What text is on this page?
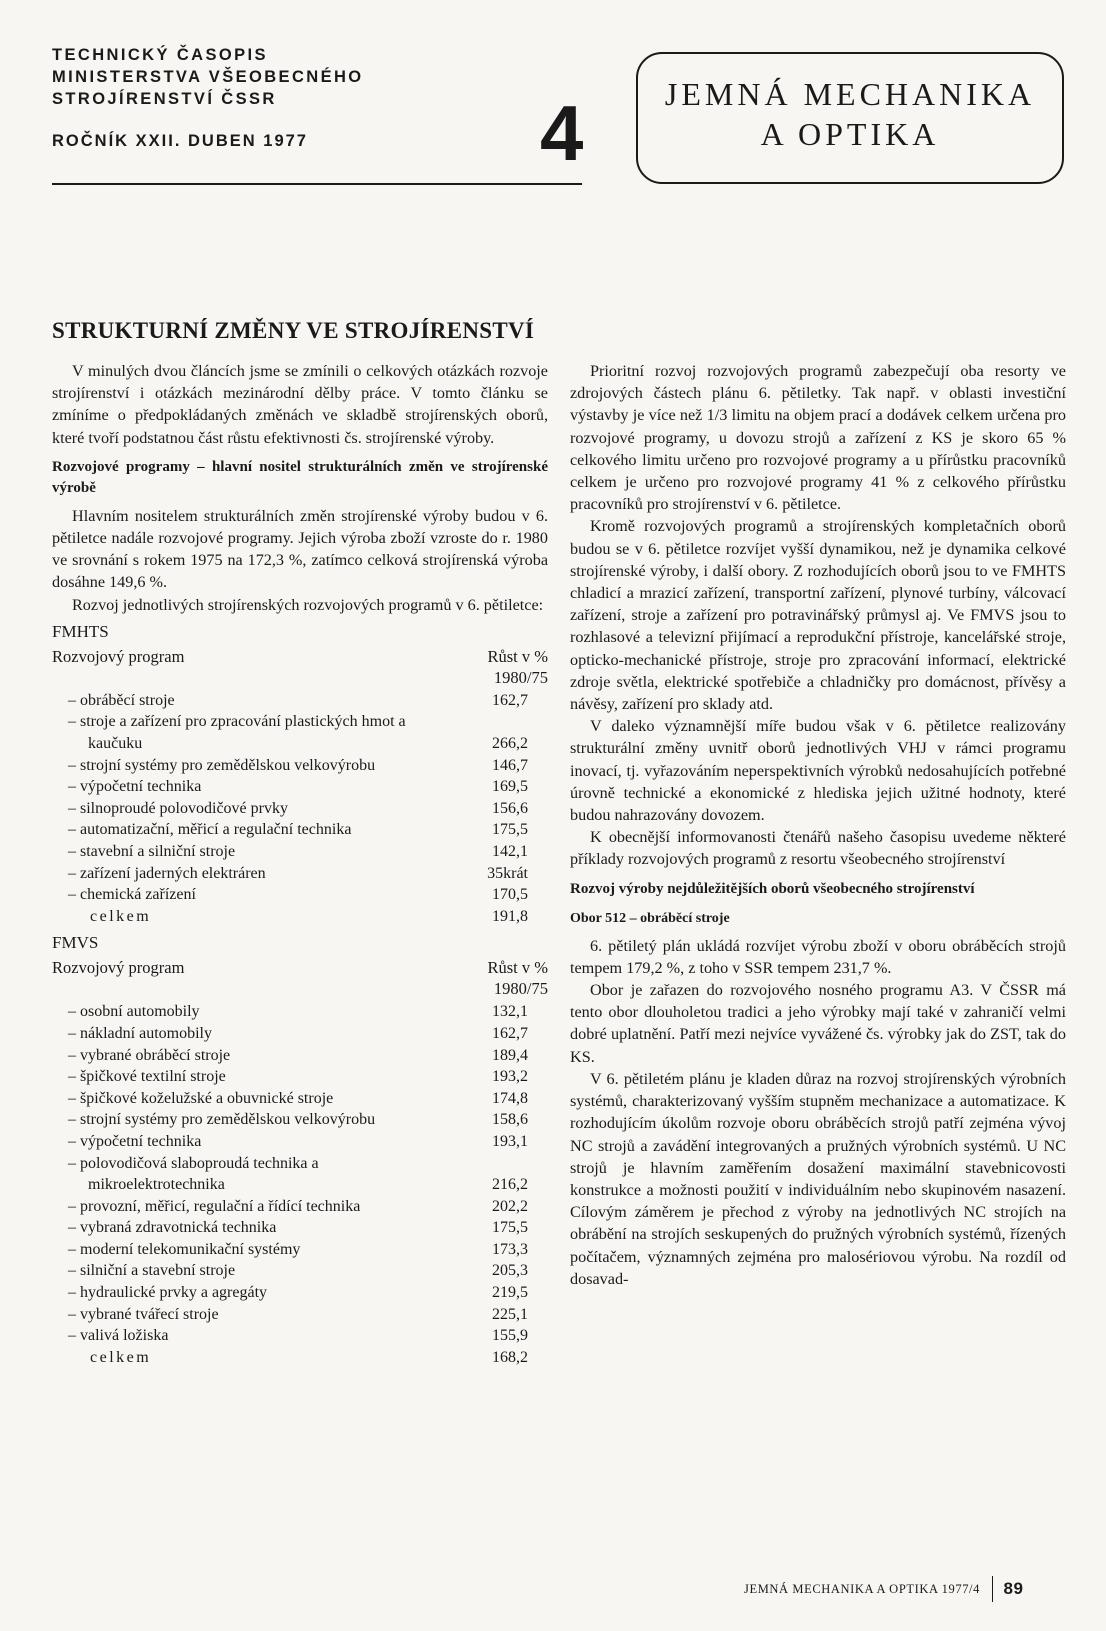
TECHNICKÝ ČASOPIS
MINISTERSTVA VŠEOBECNÉHO
STROJÍRENSTVÍ ČSSR
ROČNÍK XXII. DUBEN 1977	4	JEMNÁ MECHANIKA
A OPTIKA
STRUKTURNÍ ZMĚNY VE STROJÍRENSTVÍ

V minulých dvou článcích jsme se zmínili o celkových otázkách rozvoje strojírenství i otázkách mezinárodní dělby práce. V tomto článku se zmíníme o předpokládaných změnách ve skladbě strojírenských oborů, které tvoří podstatnou část růstu efektivnosti čs. strojírenské výroby.

Rozvojové programy – hlavní nositel strukturálních změn ve strojírenské výrobě

Hlavním nositelem strukturálních změn strojírenské výroby budou v 6. pětiletce nadále rozvojové programy. Jejich výroba zboží vzroste do r. 1980 ve srovnání s rokem 1975 na 172,3 %, zatímco celková strojírenská výroba dosáhne 149,6 %.

Rozvoj jednotlivých strojírenských rozvojových programů v 6. pětiletce:

FMHTS
Rozvojový program	Růst v %
1980/75
– obráběcí stroje	162,7
– stroje a zařízení pro zpracování plastických hmot a kaučuku	266,2
– strojní systémy pro zemědělskou velkovýrobu	146,7
– výpočetní technika	169,5
– silnoproudé polovodičové prvky	156,6
– automatizační, měřicí a regulační technika	175,5
– stavební a silniční stroje	142,1
– zařízení jaderných elektráren	35krát
– chemická zařízení	170,5
celkem	191,8
FMVS
Rozvojový program	Růst v %
1980/75
– osobní automobily	132,1
– nákladní automobily	162,7
– vybrané obráběcí stroje	189,4
– špičkové textilní stroje	193,2
– špičkové koželužské a obuvnické stroje	174,8
– strojní systémy pro zemědělskou velkovýrobu	158,6
– výpočetní technika	193,1
– polovodičová slaboproudá technika a mikroelektrotechnika	216,2
– provozní, měřicí, regulační a řídící technika	202,2
– vybraná zdravotnická technika	175,5
– moderní telekomunikační systémy	173,3
– silniční a stavební stroje	205,3
– hydraulické prvky a agregáty	219,5
– vybrané tvářecí stroje	225,1
– valivá ložiska	155,9
celkem	168,2

Prioritní rozvoj rozvojových programů zabezpečují oba resorty ve zdrojových částech plánu 6. pětiletky. Tak např. v oblasti investiční výstavby je více než 1/3 limitu na objem prací a dodávek celkem určena pro rozvojové programy, u dovozu strojů a zařízení z KS je skoro 65 % celkového limitu určeno pro rozvojové programy a u přírůstku pracovníků celkem je určeno pro rozvojové programy 41 % z celkového přírůstku pracovníků pro strojírenství v 6. pětiletce.

Kromě rozvojových programů a strojírenských kompletačních oborů budou se v 6. pětiletce rozvíjet vyšší dynamikou, než je dynamika celkové strojírenské výroby, i další obory. Z rozhodujících oborů jsou to ve FMHTS chladicí a mrazicí zařízení, transportní zařízení, plynové turbíny, válcovací zařízení, stroje a zařízení pro potravinářský průmysl aj. Ve FMVS jsou to rozhlasové a televizní přijímací a reprodukční přístroje, kancelářské stroje, opticko-mechanické přístroje, stroje pro zpracování informací, elektrické zdroje světla, elektrické spotřebiče a chladničky pro domácnost, přívěsy a návěsy, zařízení pro sklady atd.

V daleko významnější míře budou však v 6. pětiletce realizovány strukturální změny uvnitř oborů jednotlivých VHJ v rámci programu inovací, tj. vyřazováním neperspektivních výrobků nedosahujících potřebné úrovně technické a ekonomické z hlediska jejich užitné hodnoty, které budou nahrazovány dovozem.

K obecnější informovanosti čtenářů našeho časopisu uvedeme některé příklady rozvojových programů z resortu všeobecného strojírenství

Rozvoj výroby nejdůležitějších oborů všeobecného strojírenství
Obor 512 – obráběcí stroje

6. pětiletý plán ukládá rozvíjet výrobu zboží v oboru obráběcích strojů tempem 179,2 %, z toho v SSR tempem 231,7 %.

Obor je zařazen do rozvojového nosného programu A3. V ČSSR má tento obor dlouholetou tradici a jeho výrobky mají také v zahraničí velmi dobré uplatnění. Patří mezi nejvíce vyvážené čs. výrobky jak do ZST, tak do KS.

V 6. pětiletém plánu je kladen důraz na rozvoj strojírenských výrobních systémů, charakterizovaný vyšším stupněm mechanizace a automatizace. K rozhodujícím úkolům rozvoje oboru obráběcích strojů patří zejména vývoj NC strojů a zavádění integrovaných a pružných výrobních systémů. U NC strojů je hlavním zaměřením dosažení maximální stavebnicovosti konstrukce a možnosti použití v individuálním nebo skupinovém nasazení. Cílovým záměrem je přechod z výroby na jednotlivých NC strojích na obrábění na strojích seskupených do pružných výrobních systémů, řízených počítačem, významných zejména pro malosériovou výrobu. Na rozdíl od dosavad-

JEMNÁ MECHANIKA A OPTIKA 1977/4 89
